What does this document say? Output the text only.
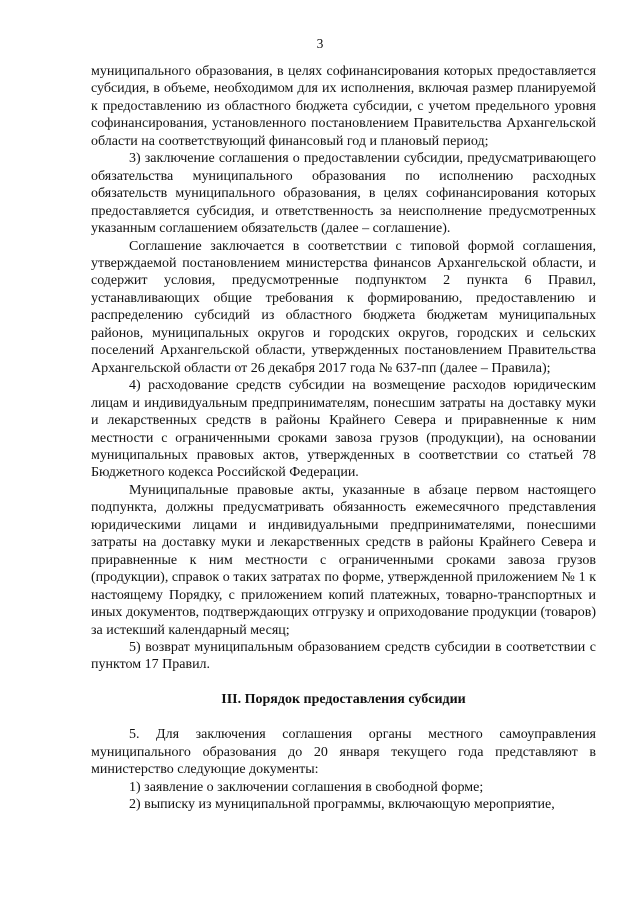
3

муниципального образования, в целях софинансирования которых предоставляется субсидия, в объеме, необходимом для их исполнения, включая размер планируемой к предоставлению из областного бюджета субсидии, с учетом предельного уровня софинансирования, установленного постановлением Правительства Архангельской области на соответствующий финансовый год и плановый период;

3) заключение соглашения о предоставлении субсидии, предусматривающего обязательства муниципального образования по исполнению расходных обязательств муниципального образования, в целях софинансирования которых предоставляется субсидия, и ответственность за неисполнение предусмотренных указанным соглашением обязательств (далее – соглашение).

Соглашение заключается в соответствии с типовой формой соглашения, утверждаемой постановлением министерства финансов Архангельской области, и содержит условия, предусмотренные подпунктом 2 пункта 6 Правил, устанавливающих общие требования к формированию, предоставлению и распределению субсидий из областного бюджета бюджетам муниципальных районов, муниципальных округов и городских округов, городских и сельских поселений Архангельской области, утвержденных постановлением Правительства Архангельской области от 26 декабря 2017 года № 637-пп (далее – Правила);

4) расходование средств субсидии на возмещение расходов юридическим лицам и индивидуальным предпринимателям, понесшим затраты на доставку муки и лекарственных средств в районы Крайнего Севера и приравненные к ним местности с ограниченными сроками завоза грузов (продукции), на основании муниципальных правовых актов, утвержденных в соответствии со статьей 78 Бюджетного кодекса Российской Федерации.

Муниципальные правовые акты, указанные в абзаце первом настоящего подпункта, должны предусматривать обязанность ежемесячного представления юридическими лицами и индивидуальными предпринимателями, понесшими затраты на доставку муки и лекарственных средств в районы Крайнего Севера и приравненные к ним местности с ограниченными сроками завоза грузов (продукции), справок о таких затратах по форме, утвержденной приложением № 1 к настоящему Порядку, с приложением копий платежных, товарно-транспортных и иных документов, подтверждающих отгрузку и оприходование продукции (товаров) за истекший календарный месяц;

5) возврат муниципальным образованием средств субсидии в соответствии с пунктом 17 Правил.

III. Порядок предоставления субсидии

5. Для заключения соглашения органы местного самоуправления муниципального образования до 20 января текущего года представляют в министерство следующие документы:

1) заявление о заключении соглашения в свободной форме;

2) выписку из муниципальной программы, включающую мероприятие,
